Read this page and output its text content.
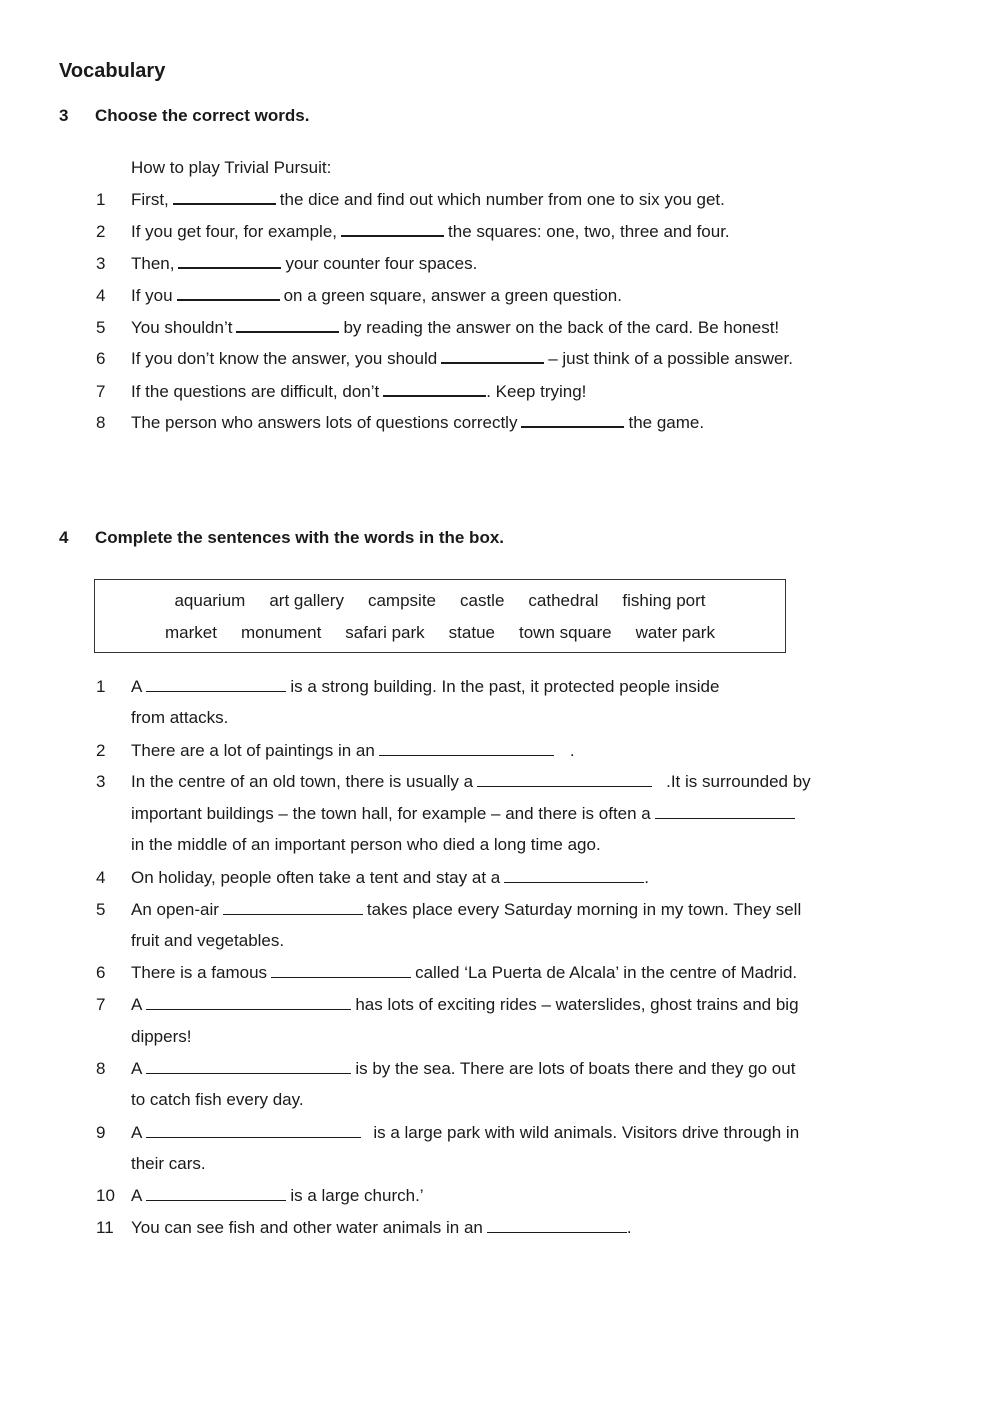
Vocabulary
3	Choose the correct words.
How to play Trivial Pursuit:
1	First,	the dice and find out which number from one to six you get.
2	If you get four, for example,	the squares: one, two, three and four.
3	Then,	your counter four spaces.
4	If you	on a green square, answer a green question.
5	You shouldn’t	by reading the answer on the back of the card. Be honest!
6	If you don’t know the answer, you should	– just think of a possible answer.
7	If the questions are difficult, don’t	. Keep trying!
8	The person who answers lots of questions correctly	the game.
4	Complete the sentences with the words in the box.
aquarium art gallery campsite castle cathedral fishing port
market monument safari park statue town square water park
1	A	is a strong building. In the past, it protected people inside
from attacks.
2	There are a lot of paintings in an	.
3	In the centre of an old town, there is usually a	.It is surrounded by
important buildings – the town hall, for example – and there is often a
in the middle of an important person who died a long time ago.
4	On holiday, people often take a tent and stay at a	.
5	An open-air	takes place every Saturday morning in my town. They sell
fruit and vegetables.
6	There is a famous	called ‘La Puerta de Alcala’ in the centre of Madrid.
7	A	has lots of exciting rides – waterslides, ghost trains and big
dippers!
8	A	is by the sea. There are lots of boats there and they go out
to catch fish every day.
9	A	is a large park with wild animals. Visitors drive through in
their cars.
10 A	is a large church.’
11	You can see fish and other water animals in an	.
